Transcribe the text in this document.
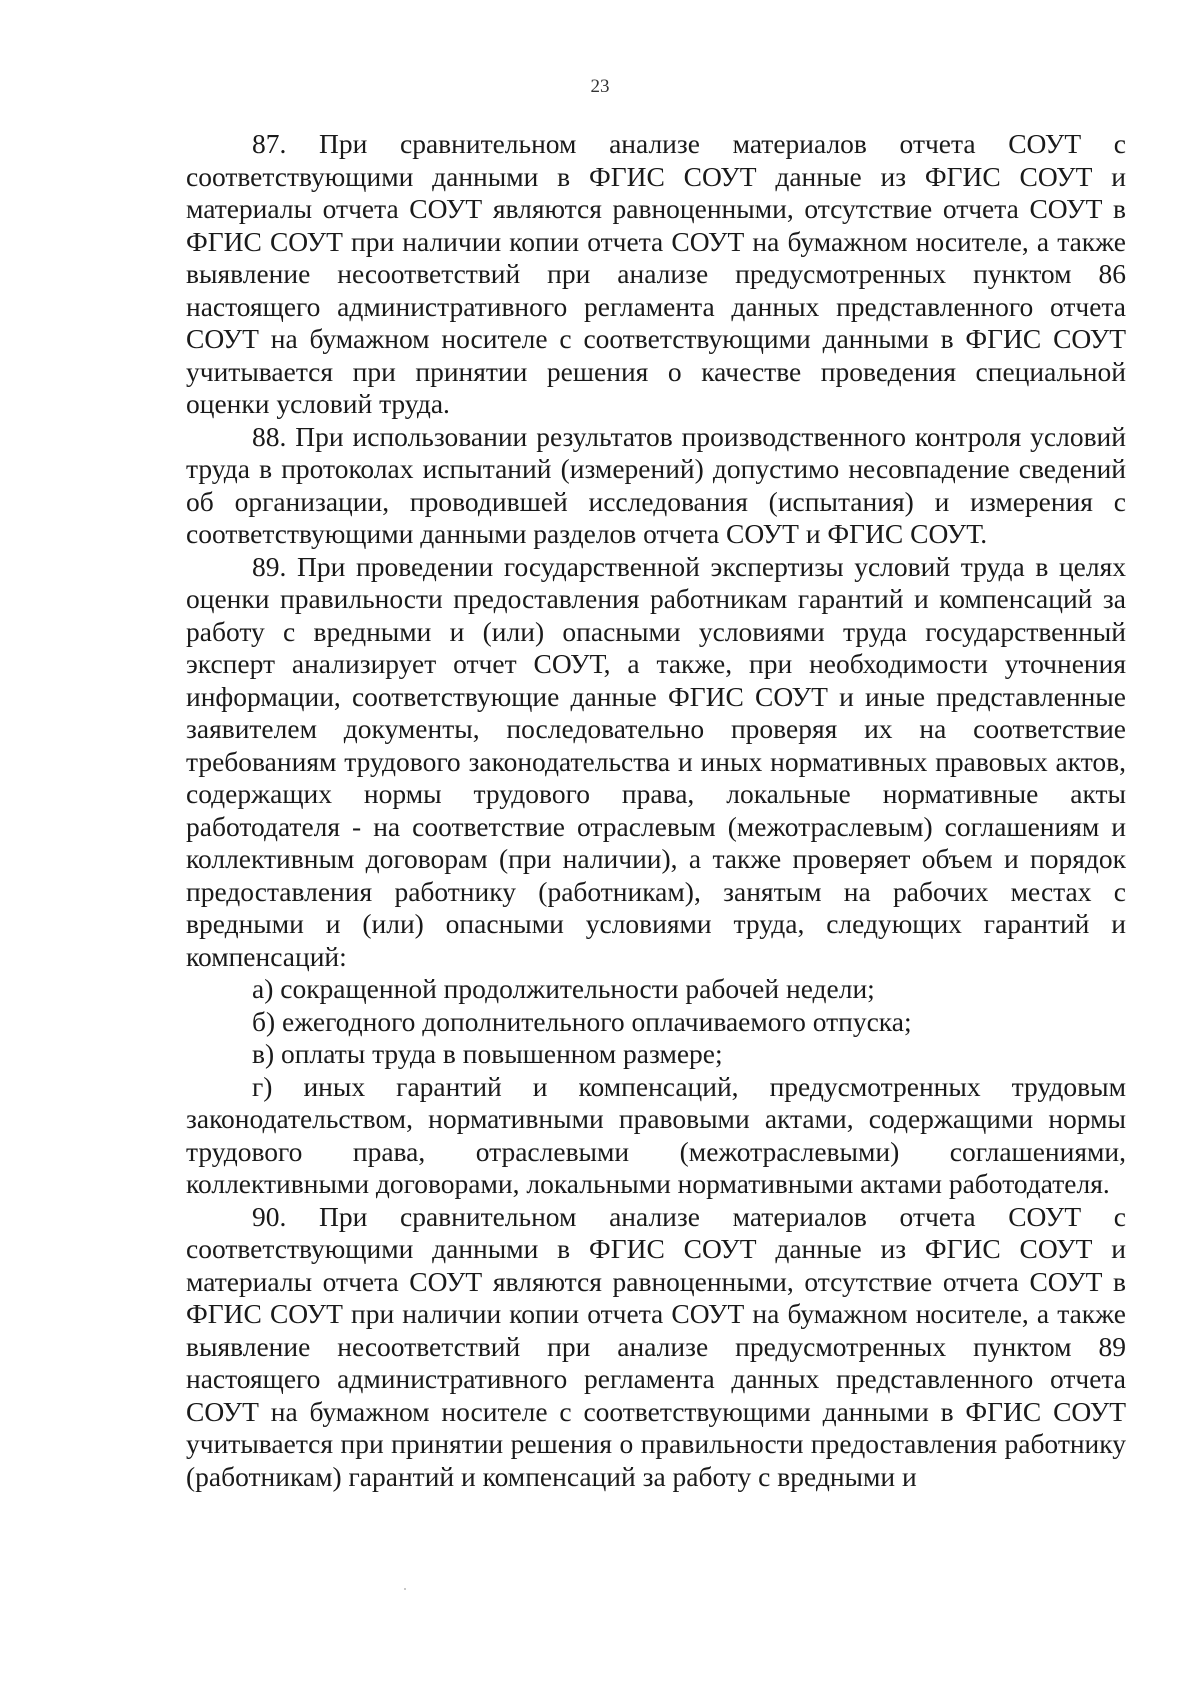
23

87. При сравнительном анализе материалов отчета СОУТ с соответствующими данными в ФГИС СОУТ данные из ФГИС СОУТ и материалы отчета СОУТ являются равноценными, отсутствие отчета СОУТ в ФГИС СОУТ при наличии копии отчета СОУТ на бумажном носителе, а также выявление несоответствий при анализе предусмотренных пунктом 86 настоящего административного регламента данных представленного отчета СОУТ на бумажном носителе с соответствующими данными в ФГИС СОУТ учитывается при принятии решения о качестве проведения специальной оценки условий труда.

88. При использовании результатов производственного контроля условий труда в протоколах испытаний (измерений) допустимо несовпадение сведений об организации, проводившей исследования (испытания) и измерения с соответствующими данными разделов отчета СОУТ и ФГИС СОУТ.

89. При проведении государственной экспертизы условий труда в целях оценки правильности предоставления работникам гарантий и компенсаций за работу с вредными и (или) опасными условиями труда государственный эксперт анализирует отчет СОУТ, а также, при необходимости уточнения информации, соответствующие данные ФГИС СОУТ и иные представленные заявителем документы, последовательно проверяя их на соответствие требованиям трудового законодательства и иных нормативных правовых актов, содержащих нормы трудового права, локальные нормативные акты работодателя - на соответствие отраслевым (межотраслевым) соглашениям и коллективным договорам (при наличии), а также проверяет объем и порядок предоставления работнику (работникам), занятым на рабочих местах с вредными и (или) опасными условиями труда, следующих гарантий и компенсаций:

а) сокращенной продолжительности рабочей недели;

б) ежегодного дополнительного оплачиваемого отпуска;

в) оплаты труда в повышенном размере;

г) иных гарантий и компенсаций, предусмотренных трудовым законодательством, нормативными правовыми актами, содержащими нормы трудового права, отраслевыми (межотраслевыми) соглашениями, коллективными договорами, локальными нормативными актами работодателя.

90. При сравнительном анализе материалов отчета СОУТ с соответствующими данными в ФГИС СОУТ данные из ФГИС СОУТ и материалы отчета СОУТ являются равноценными, отсутствие отчета СОУТ в ФГИС СОУТ при наличии копии отчета СОУТ на бумажном носителе, а также выявление несоответствий при анализе предусмотренных пунктом 89 настоящего административного регламента данных представленного отчета СОУТ на бумажном носителе с соответствующими данными в ФГИС СОУТ учитывается при принятии решения о правильности предоставления работнику (работникам) гарантий и компенсаций за работу с вредными и
